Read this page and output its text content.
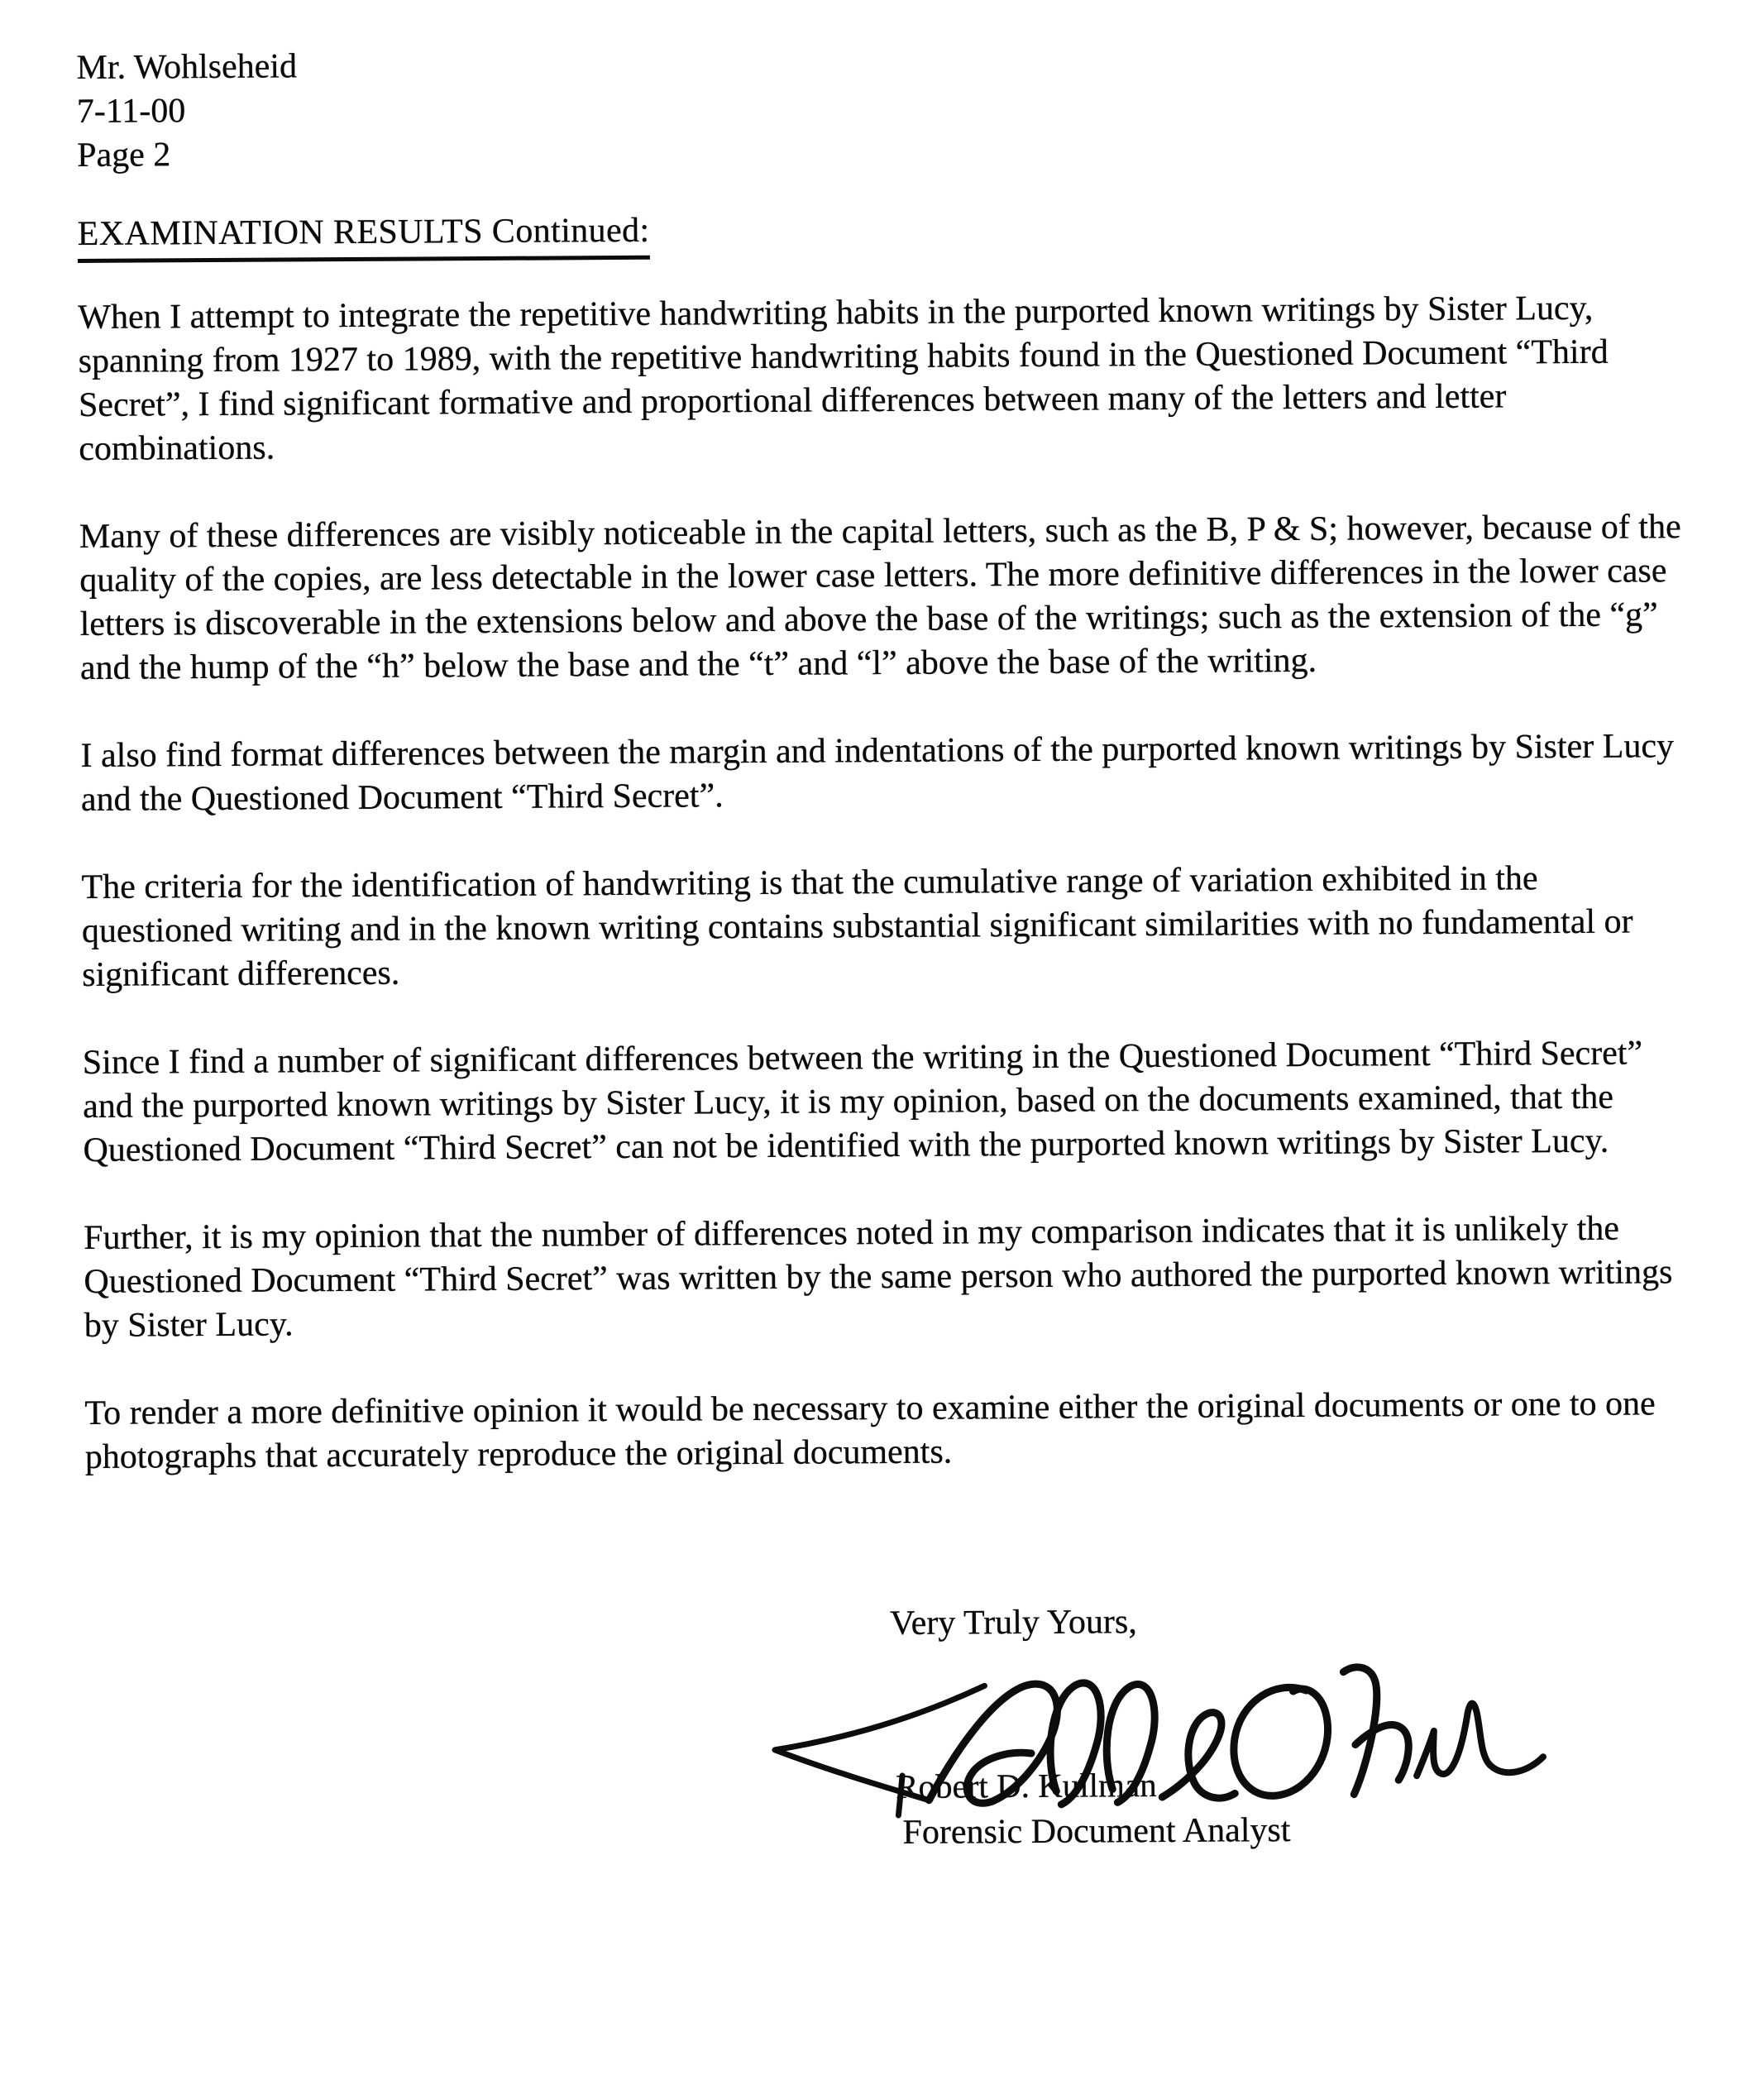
Mr. Wohlseheid
7-11-00
Page 2
EXAMINATION RESULTS Continued:

When I attempt to integrate the repetitive handwriting habits in the purported known writings by Sister Lucy, spanning from 1927 to 1989, with the repetitive handwriting habits found in the Questioned Document “Third Secret”, I find significant formative and proportional differences between many of the letters and letter combinations.

Many of these differences are visibly noticeable in the capital letters, such as the B, P & S; however, because of the quality of the copies, are less detectable in the lower case letters. The more definitive differences in the lower case letters is discoverable in the extensions below and above the base of the writings; such as the extension of the “g” and the hump of the “h” below the base and the “t” and “l” above the base of the writing.

I also find format differences between the margin and indentations of the purported known writings by Sister Lucy and the Questioned Document “Third Secret”.

The criteria for the identification of handwriting is that the cumulative range of variation exhibited in the questioned writing and in the known writing contains substantial significant similarities with no fundamental or significant differences.

Since I find a number of significant differences between the writing in the Questioned Document “Third Secret” and the purported known writings by Sister Lucy, it is my opinion, based on the documents examined, that the Questioned Document “Third Secret” can not be identified with the purported known writings by Sister Lucy.

Further, it is my opinion that the number of differences noted in my comparison indicates that it is unlikely the Questioned Document “Third Secret” was written by the same person who authored the purported known writings by Sister Lucy.

To render a more definitive opinion it would be necessary to examine either the original documents or one to one photographs that accurately reproduce the original documents.

Very Truly Yours,
Robert D. Kullman
Forensic Document Analyst
